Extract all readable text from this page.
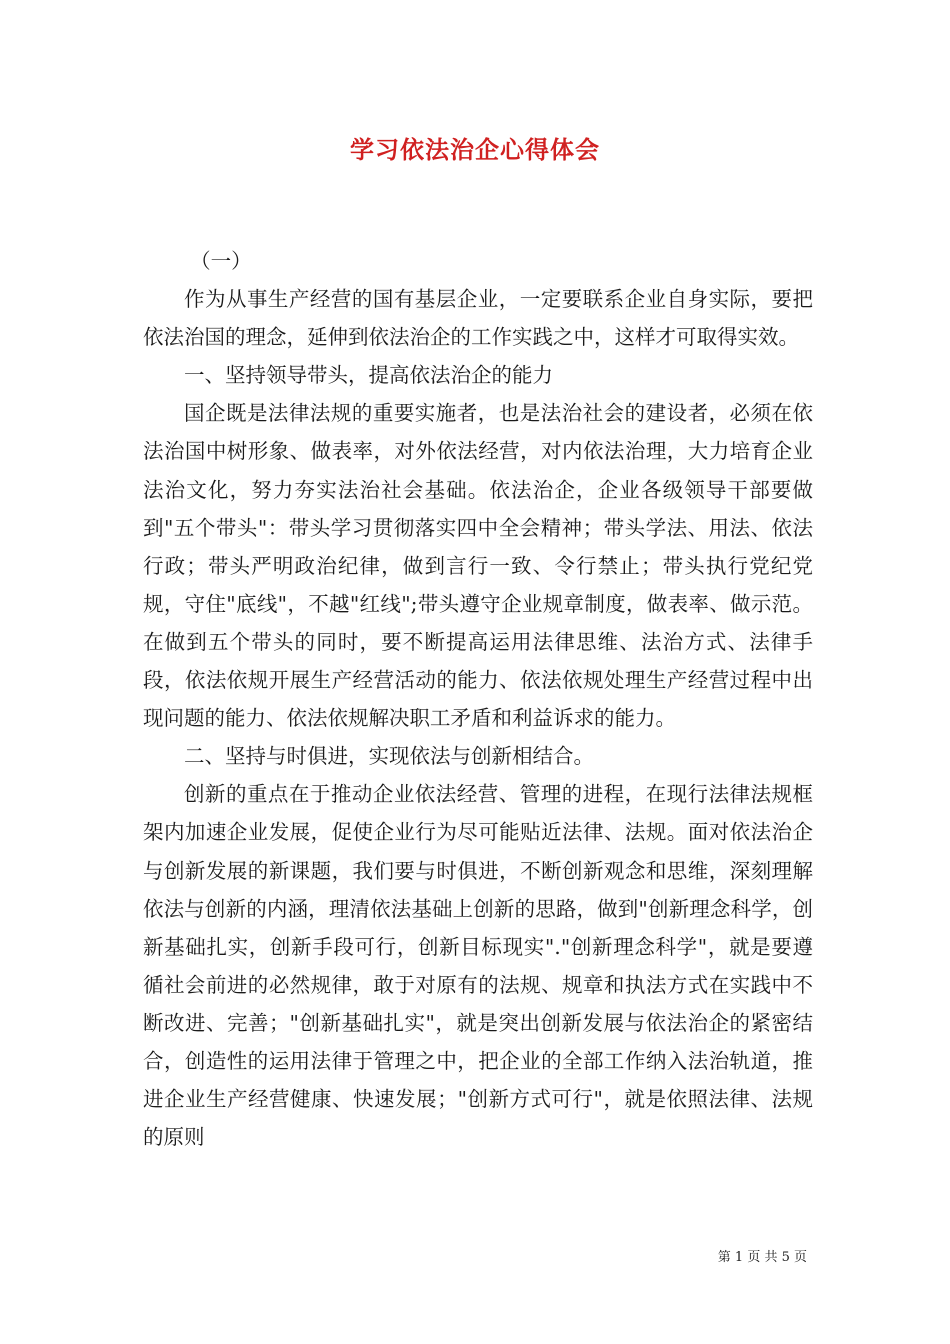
学习依法治企心得体会

（一）

作为从事生产经营的国有基层企业，一定要联系企业自身实际，要把依法治国的理念，延伸到依法治企的工作实践之中，这样才可取得实效。

一、坚持领导带头，提高依法治企的能力

国企既是法律法规的重要实施者，也是法治社会的建设者，必须在依法治国中树形象、做表率，对外依法经营，对内依法治理，大力培育企业法治文化，努力夯实法治社会基础。依法治企，企业各级领导干部要做到"五个带头"：带头学习贯彻落实四中全会精神；带头学法、用法、依法行政；带头严明政治纪律，做到言行一致、令行禁止；带头执行党纪党规，守住"底线"，不越"红线";带头遵守企业规章制度，做表率、做示范。在做到五个带头的同时，要不断提高运用法律思维、法治方式、法律手段，依法依规开展生产经营活动的能力、依法依规处理生产经营过程中出现问题的能力、依法依规解决职工矛盾和利益诉求的能力。

二、坚持与时俱进，实现依法与创新相结合。

创新的重点在于推动企业依法经营、管理的进程，在现行法律法规框架内加速企业发展，促使企业行为尽可能贴近法律、法规。面对依法治企与创新发展的新课题，我们要与时俱进，不断创新观念和思维，深刻理解依法与创新的内涵，理清依法基础上创新的思路，做到"创新理念科学，创新基础扎实，创新手段可行，创新目标现实"."创新理念科学"，就是要遵循社会前进的必然规律，敢于对原有的法规、规章和执法方式在实践中不断改进、完善；"创新基础扎实"，就是突出创新发展与依法治企的紧密结合，创造性的运用法律于管理之中，把企业的全部工作纳入法治轨道，推进企业生产经营健康、快速发展；"创新方式可行"，就是依照法律、法规的原则

第 1 页 共 5 页
